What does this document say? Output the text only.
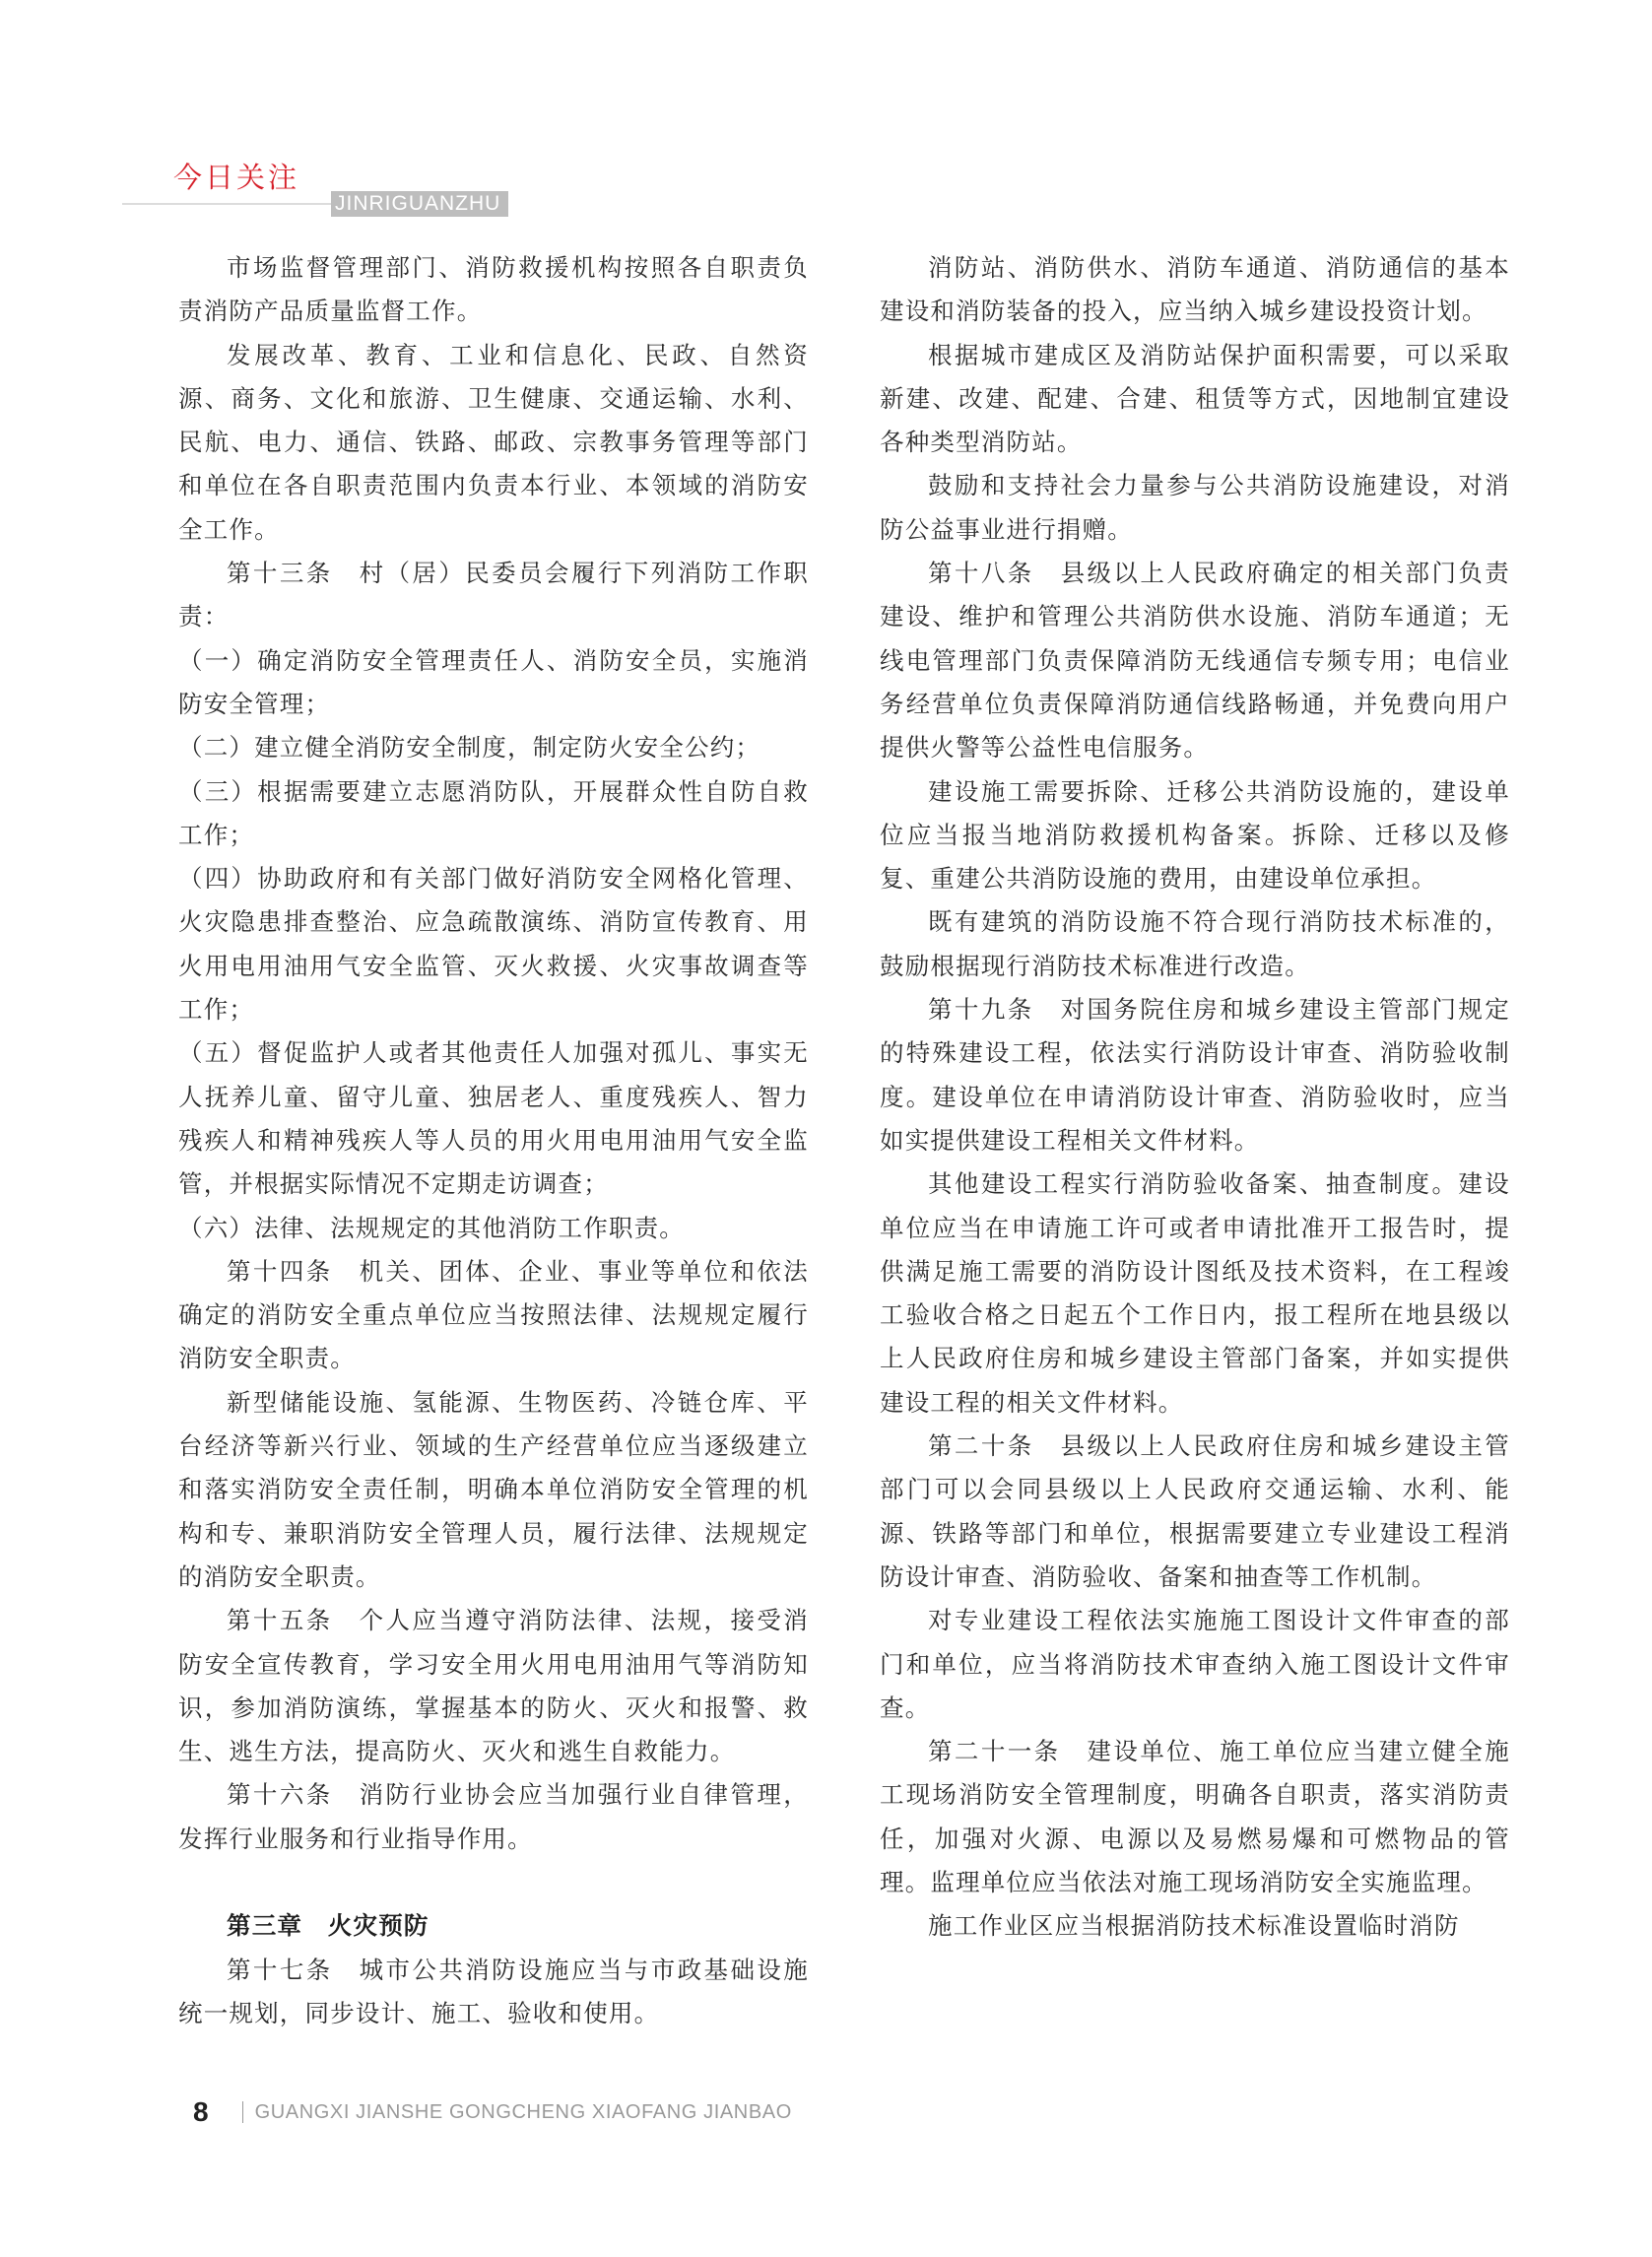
今日关注
JINRIGUANZHU

市场监督管理部门、消防救援机构按照各自职责负责消防产品质量监督工作。

发展改革、教育、工业和信息化、民政、自然资源、商务、文化和旅游、卫生健康、交通运输、水利、民航、电力、通信、铁路、邮政、宗教事务管理等部门和单位在各自职责范围内负责本行业、本领域的消防安全工作。

第十三条　村（居）民委员会履行下列消防工作职责：

（一）确定消防安全管理责任人、消防安全员，实施消防安全管理；

（二）建立健全消防安全制度，制定防火安全公约；

（三）根据需要建立志愿消防队，开展群众性自防自救工作；

（四）协助政府和有关部门做好消防安全网格化管理、火灾隐患排查整治、应急疏散演练、消防宣传教育、用火用电用油用气安全监管、灭火救援、火灾事故调查等工作；

（五）督促监护人或者其他责任人加强对孤儿、事实无人抚养儿童、留守儿童、独居老人、重度残疾人、智力残疾人和精神残疾人等人员的用火用电用油用气安全监管，并根据实际情况不定期走访调查；

（六）法律、法规规定的其他消防工作职责。

第十四条　机关、团体、企业、事业等单位和依法确定的消防安全重点单位应当按照法律、法规规定履行消防安全职责。

新型储能设施、氢能源、生物医药、冷链仓库、平台经济等新兴行业、领域的生产经营单位应当逐级建立和落实消防安全责任制，明确本单位消防安全管理的机构和专、兼职消防安全管理人员，履行法律、法规规定的消防安全职责。

第十五条　个人应当遵守消防法律、法规，接受消防安全宣传教育，学习安全用火用电用油用气等消防知识，参加消防演练，掌握基本的防火、灭火和报警、救生、逃生方法，提高防火、灭火和逃生自救能力。

第十六条　消防行业协会应当加强行业自律管理，发挥行业服务和行业指导作用。

第三章　火灾预防

第十七条　城市公共消防设施应当与市政基础设施统一规划，同步设计、施工、验收和使用。

消防站、消防供水、消防车通道、消防通信的基本建设和消防装备的投入，应当纳入城乡建设投资计划。

根据城市建成区及消防站保护面积需要，可以采取新建、改建、配建、合建、租赁等方式，因地制宜建设各种类型消防站。

鼓励和支持社会力量参与公共消防设施建设，对消防公益事业进行捐赠。

第十八条　县级以上人民政府确定的相关部门负责建设、维护和管理公共消防供水设施、消防车通道；无线电管理部门负责保障消防无线通信专频专用；电信业务经营单位负责保障消防通信线路畅通，并免费向用户提供火警等公益性电信服务。

建设施工需要拆除、迁移公共消防设施的，建设单位应当报当地消防救援机构备案。拆除、迁移以及修复、重建公共消防设施的费用，由建设单位承担。

既有建筑的消防设施不符合现行消防技术标准的，鼓励根据现行消防技术标准进行改造。

第十九条　对国务院住房和城乡建设主管部门规定的特殊建设工程，依法实行消防设计审查、消防验收制度。建设单位在申请消防设计审查、消防验收时，应当如实提供建设工程相关文件材料。

其他建设工程实行消防验收备案、抽查制度。建设单位应当在申请施工许可或者申请批准开工报告时，提供满足施工需要的消防设计图纸及技术资料，在工程竣工验收合格之日起五个工作日内，报工程所在地县级以上人民政府住房和城乡建设主管部门备案，并如实提供建设工程的相关文件材料。

第二十条　县级以上人民政府住房和城乡建设主管部门可以会同县级以上人民政府交通运输、水利、能源、铁路等部门和单位，根据需要建立专业建设工程消防设计审查、消防验收、备案和抽查等工作机制。

对专业建设工程依法实施施工图设计文件审查的部门和单位，应当将消防技术审查纳入施工图设计文件审查。

第二十一条　建设单位、施工单位应当建立健全施工现场消防安全管理制度，明确各自职责，落实消防责任，加强对火源、电源以及易燃易爆和可燃物品的管理。监理单位应当依法对施工现场消防安全实施监理。

施工作业区应当根据消防技术标准设置临时消防

8 GUANGXI JIANSHE GONGCHENG XIAOFANG JIANBAO
